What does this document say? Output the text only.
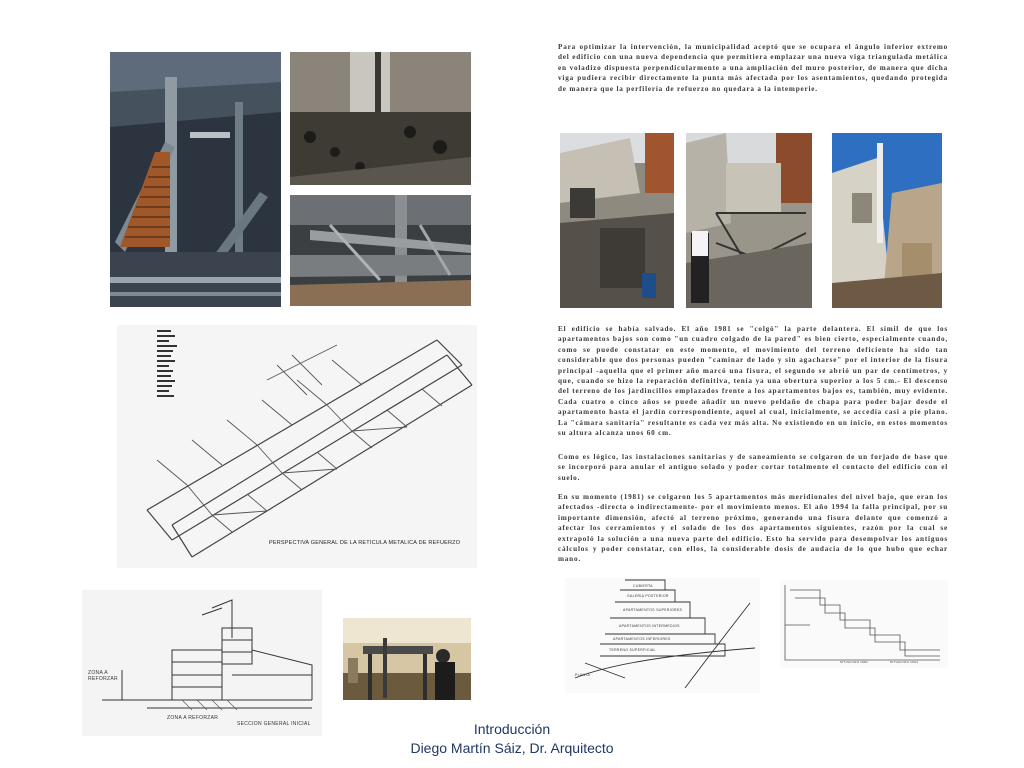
PERSPECTIVA GENERAL DE LA RETICULA METALICA DE REFUERZO
ZONA A REFORZAR
ZONA A REFORZAR
SECCION GENERAL INICIAL

Para optimizar la intervención, la municipalidad aceptó que se ocupara el ángulo inferior extremo del edificio con una nueva dependencia que permitiera emplazar una nueva viga triangulada metálica en voladizo dispuesta perpendicularmente a una ampliación del muro posterior, de manera que dicha viga pudiera recibir directamente la punta más afectada por los asentamientos, quedando protegida de manera que la perfilería de refuerzo no quedara a la intemperie.

El edificio se había salvado. El año 1981 se "colgó" la parte delantera. El símil de que los apartamentos bajos son como "un cuadro colgado de la pared" es bien cierto, especialmente cuando, como se puede constatar en este momento, el movimiento del terreno deficiente ha sido tan considerable que dos personas pueden "caminar de lado y sin agacharse" por el interior de la fisura principal -aquella que el primer año marcó una fisura, el segundo se abrió un par de centímetros, y que, cuando se hizo la reparación definitiva, tenía ya una obertura superior a los 5 cm.- El descenso del terreno de los jardincillos emplazados frente a los apartamentos bajos es, también, muy evidente. Cada cuatro o cinco años se puede añadir un nuevo peldaño de chapa para poder bajar desde el apartamento hasta el jardín correspondiente, aquel al cual, inicialmente, se accedía casi a pie plano. La "cámara sanitaria" resultante es cada vez más alta. No existiendo en un inicio, en estos momentos su altura alcanza unos 60 cm.

Como es lógico, las instalaciones sanitarias y de saneamiento se colgaron de un forjado de base que se incorporó para anular el antiguo solado y poder cortar totalmente el contacto del edificio con el suelo.

En su momento (1981) se colgaron los 5 apartamentos más meridionales del nivel bajo, que eran los afectados -directa o indirectamente- por el movimiento menos. El año 1994 la falla principal, por su importante dimensión, afectó al terreno próximo, generando una fisura delante que comenzó a afectar los cerramientos y el solado de los dos apartamentos siguientes, razón por la cual se extrapoló la solución a una nueva parte del edificio. Esto ha servido para desempolvar los antiguos cálculos y poder constatar, con ellos, la considerable dosis de audacia de lo que hubo que echar mano.

CUBIERTA
GALERIA POSTERIOR
APARTAMENTOS SUPERIORES
APARTAMENTOS INTERMEDIOS
APARTAMENTOS INFERIORES
TERRENO SUPERFICIAL
PLANTA
SITUACION 1981	SITUACION 1994
Introducción
Diego Martín Sáiz, Dr. Arquitecto
